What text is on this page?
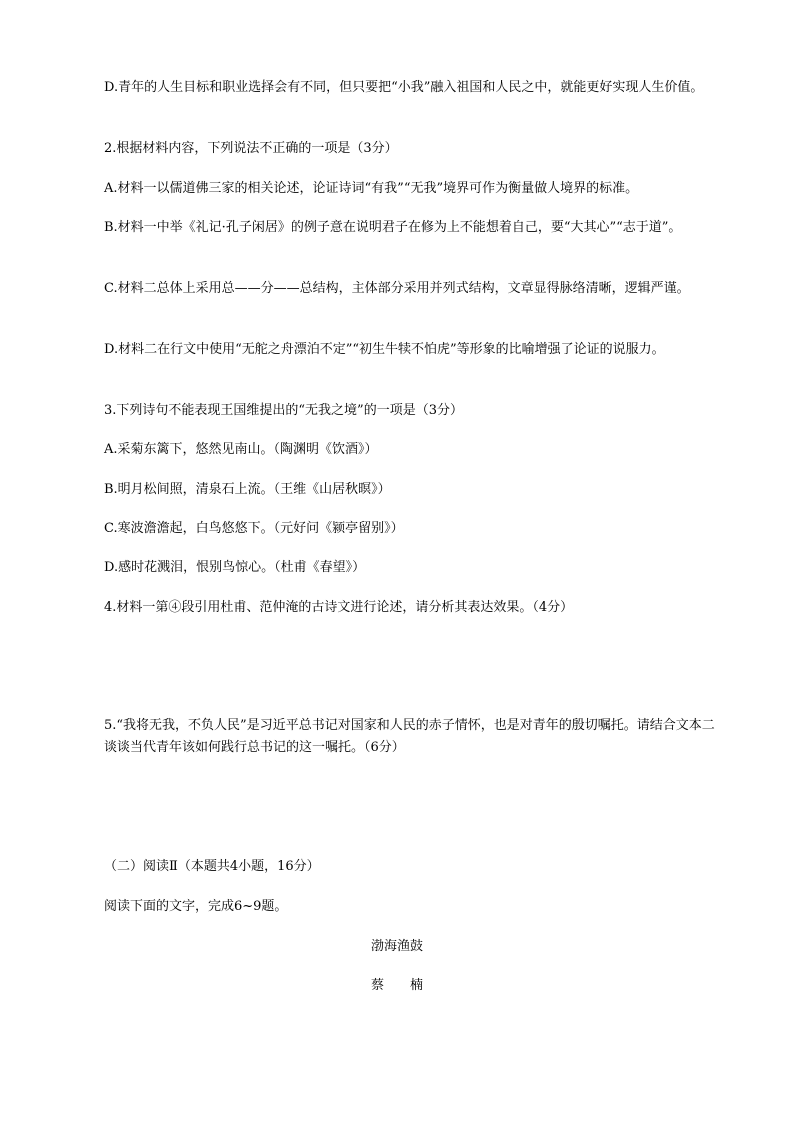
D.青年的人生目标和职业选择会有不同，但只要把“小我”融入祖国和人民之中，就能更好实现人生价值。

2.根据材料内容，下列说法不正确的一项是（3分）

A.材料一以儒道佛三家的相关论述，论证诗词“有我”“无我”境界可作为衡量做人境界的标准。

B.材料一中举《礼记·孔子闲居》的例子意在说明君子在修为上不能想着自己，要“大其心”“志于道”。

C.材料二总体上采用总——分——总结构，主体部分采用并列式结构，文章显得脉络清晰，逻辑严谨。

D.材料二在行文中使用“无舵之舟漂泊不定”“初生牛犊不怕虎”等形象的比喻增强了论证的说服力。

3.下列诗句不能表现王国维提出的“无我之境”的一项是（3分）

A.采菊东篱下，悠然见南山。（陶渊明《饮酒》）

B.明月松间照，清泉石上流。（王维《山居秋暝》）

C.寒波澹澹起，白鸟悠悠下。（元好问《颍亭留别》）

D.感时花溅泪，恨别鸟惊心。（杜甫《春望》）

4.材料一第④段引用杜甫、范仲淹的古诗文进行论述，请分析其表达效果。（4分）

5.“我将无我，不负人民”是习近平总书记对国家和人民的赤子情怀，也是对青年的殷切嘱托。请结合文本二谈谈当代青年该如何践行总书记的这一嘱托。（6分）

（二）阅读Ⅱ（本题共4小题，16分）

阅读下面的文字，完成6~9题。

渤海渔鼓

蔡　　楠
